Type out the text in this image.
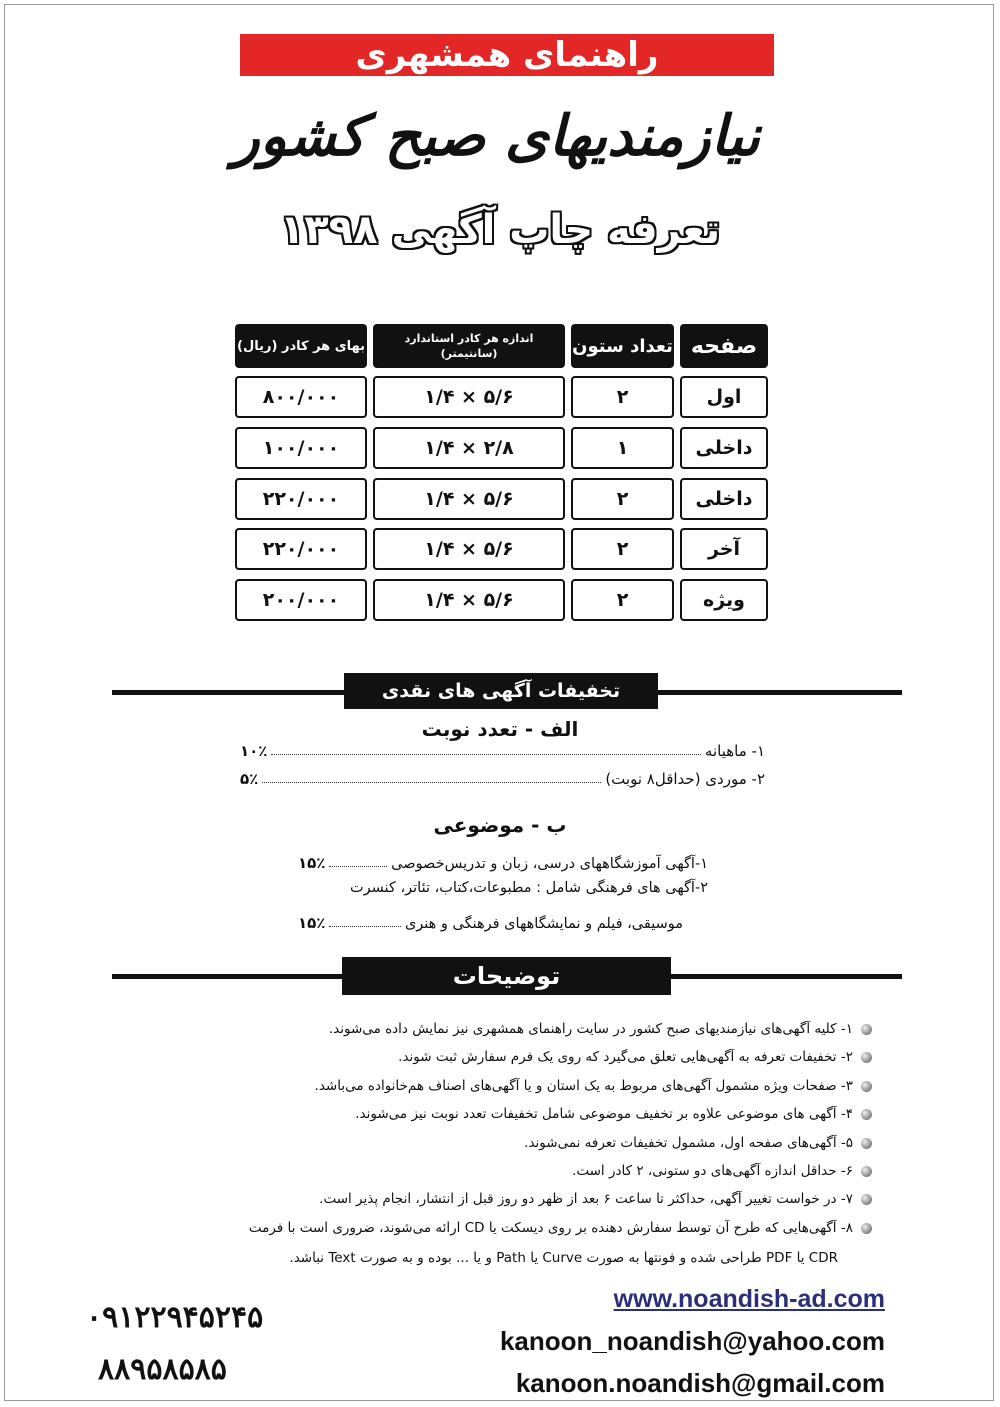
راهنمای همشهری
نیازمندیهای صبح کشور
تعرفه چاپ آگهی ۱۳۹۸
صفحه
تعداد ستون
اندازه هر کادر استاندارد
(سانتیمتر)
بهای هر کادر (ریال)
اول
۲
۵/۶ × ۱/۴
۸۰۰/۰۰۰
داخلی
۱
۲/۸ × ۱/۴
۱۰۰/۰۰۰
داخلی
۲
۵/۶ × ۱/۴
۲۲۰/۰۰۰
آخر
۲
۵/۶ × ۱/۴
۲۲۰/۰۰۰
ویژه
۲
۵/۶ × ۱/۴
۲۰۰/۰۰۰
تخفیفات آگهی های نقدی
الف - تعدد نوبت
۱- ماهیانه
۱۰٪
۲- موردی (حداقل۸ نوبت)
۵٪
ب - موضوعی
۱-آگهی آموزشگاههای درسی، زبان و تدریس‌خصوصی
۱۵٪
۲-آگهی های فرهنگی شامل : مطبوعات،کتاب، تئاتر، کنسرت
موسیقی، فیلم و نمایشگاههای فرهنگی و هنری
۱۵٪
توضیحات
۱- کلیه آگهی‌های نیازمندیهای صبح کشور در سایت راهنمای همشهری نیز نمایش داده می‌شوند.
۲- تخفیفات تعرفه به آگهی‌هایی تعلق می‌گیرد که روی یک فرم سفارش ثبت شوند.
۳- صفحات ویژه مشمول آگهی‌های مربوط به یک استان و یا آگهی‌های اصناف هم‌خانواده می‌باشد.
۴- آگهی های موضوعی علاوه بر تخفیف موضوعی شامل تخفیفات تعدد نوبت نیز می‌شوند.
۵- آگهی‌های صفحه اول، مشمول تخفیفات تعرفه نمی‌شوند.
۶- حداقل اندازه آگهی‌های دو ستونی، ۲ کادر است.
۷- در خواست تغییر آگهی، حداکثر تا ساعت ۶ بعد از ظهر دو روز قبل از انتشار، انجام پذیر است.
۸- آگهی‌هایی که طرح آن توسط سفارش دهنده بر روی دیسکت یا CD ارائه می‌شوند، ضروری است با فرمت
CDR یا PDF طراحی شده و فونتها به صورت Curve یا Path و یا ... بوده و به صورت Text نباشد.
۰۹۱۲۲۹۴۵۲۴۵
۸۸۹۵۸۵۸۵
www.noandish-ad.com
kanoon_noandish@yahoo.com
kanoon.noandish@gmail.com
